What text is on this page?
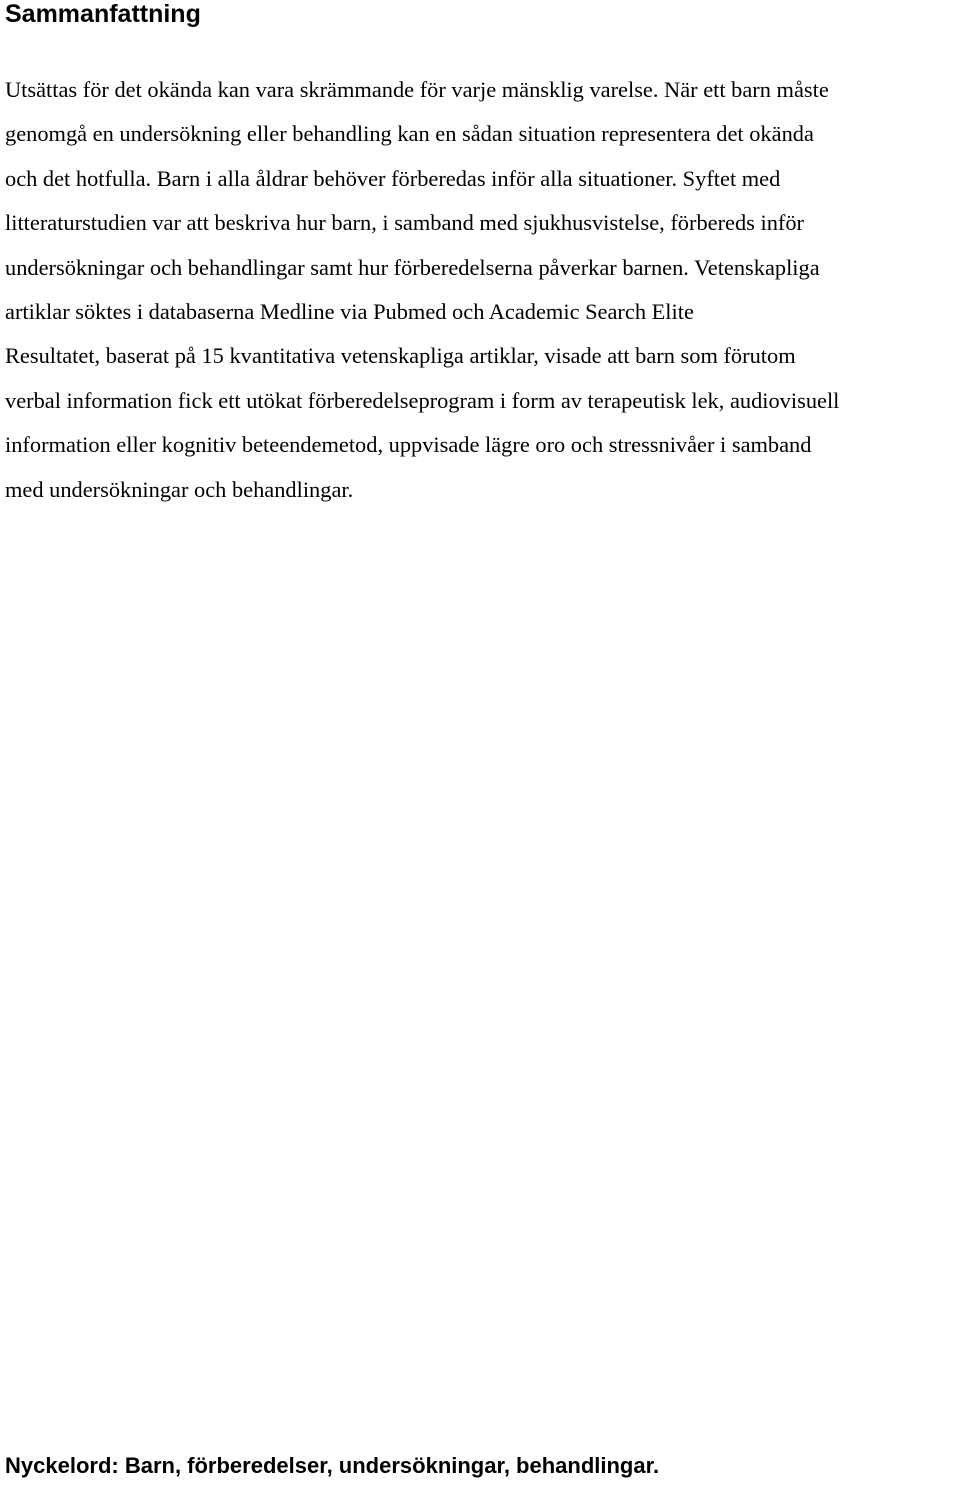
Sammanfattning

Utsättas för det okända kan vara skrämmande för varje mänsklig varelse. När ett barn måste
genomgå en undersökning eller behandling kan en sådan situation representera det okända
och det hotfulla. Barn i alla åldrar behöver förberedas inför alla situationer. Syftet med
litteraturstudien var att beskriva hur barn, i samband med sjukhusvistelse, förbereds inför
undersökningar och behandlingar samt hur förberedelserna påverkar barnen. Vetenskapliga
artiklar söktes i databaserna Medline via Pubmed och Academic Search Elite
Resultatet, baserat på 15 kvantitativa vetenskapliga artiklar, visade att barn som förutom
verbal information fick ett utökat förberedelseprogram i form av terapeutisk lek, audiovisuell
information eller kognitiv beteendemetod, uppvisade lägre oro och stressnivåer i samband
med undersökningar och behandlingar.

Nyckelord: Barn, förberedelser, undersökningar, behandlingar.
